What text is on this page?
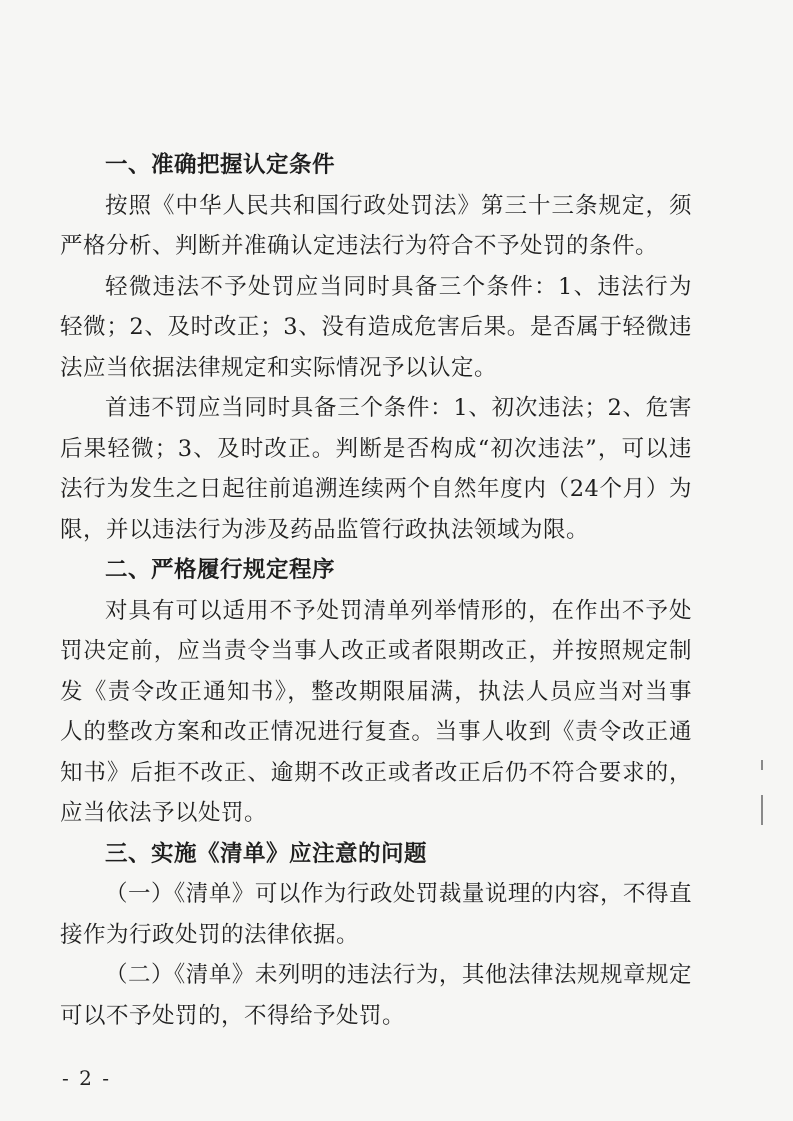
一、准确把握认定条件

按照《中华人民共和国行政处罚法》第三十三条规定，须严格分析、判断并准确认定违法行为符合不予处罚的条件。

轻微违法不予处罚应当同时具备三个条件：1、违法行为轻微；2、及时改正；3、没有造成危害后果。是否属于轻微违法应当依据法律规定和实际情况予以认定。

首违不罚应当同时具备三个条件：1、初次违法；2、危害后果轻微；3、及时改正。判断是否构成“初次违法”，可以违法行为发生之日起往前追溯连续两个自然年度内（24个月）为限，并以违法行为涉及药品监管行政执法领域为限。

二、严格履行规定程序

对具有可以适用不予处罚清单列举情形的，在作出不予处罚决定前，应当责令当事人改正或者限期改正，并按照规定制发《责令改正通知书》，整改期限届满，执法人员应当对当事人的整改方案和改正情况进行复查。当事人收到《责令改正通知书》后拒不改正、逾期不改正或者改正后仍不符合要求的，应当依法予以处罚。

三、实施《清单》应注意的问题

（一）《清单》可以作为行政处罚裁量说理的内容，不得直接作为行政处罚的法律依据。

（二）《清单》未列明的违法行为，其他法律法规规章规定可以不予处罚的，不得给予处罚。

- 2 -
